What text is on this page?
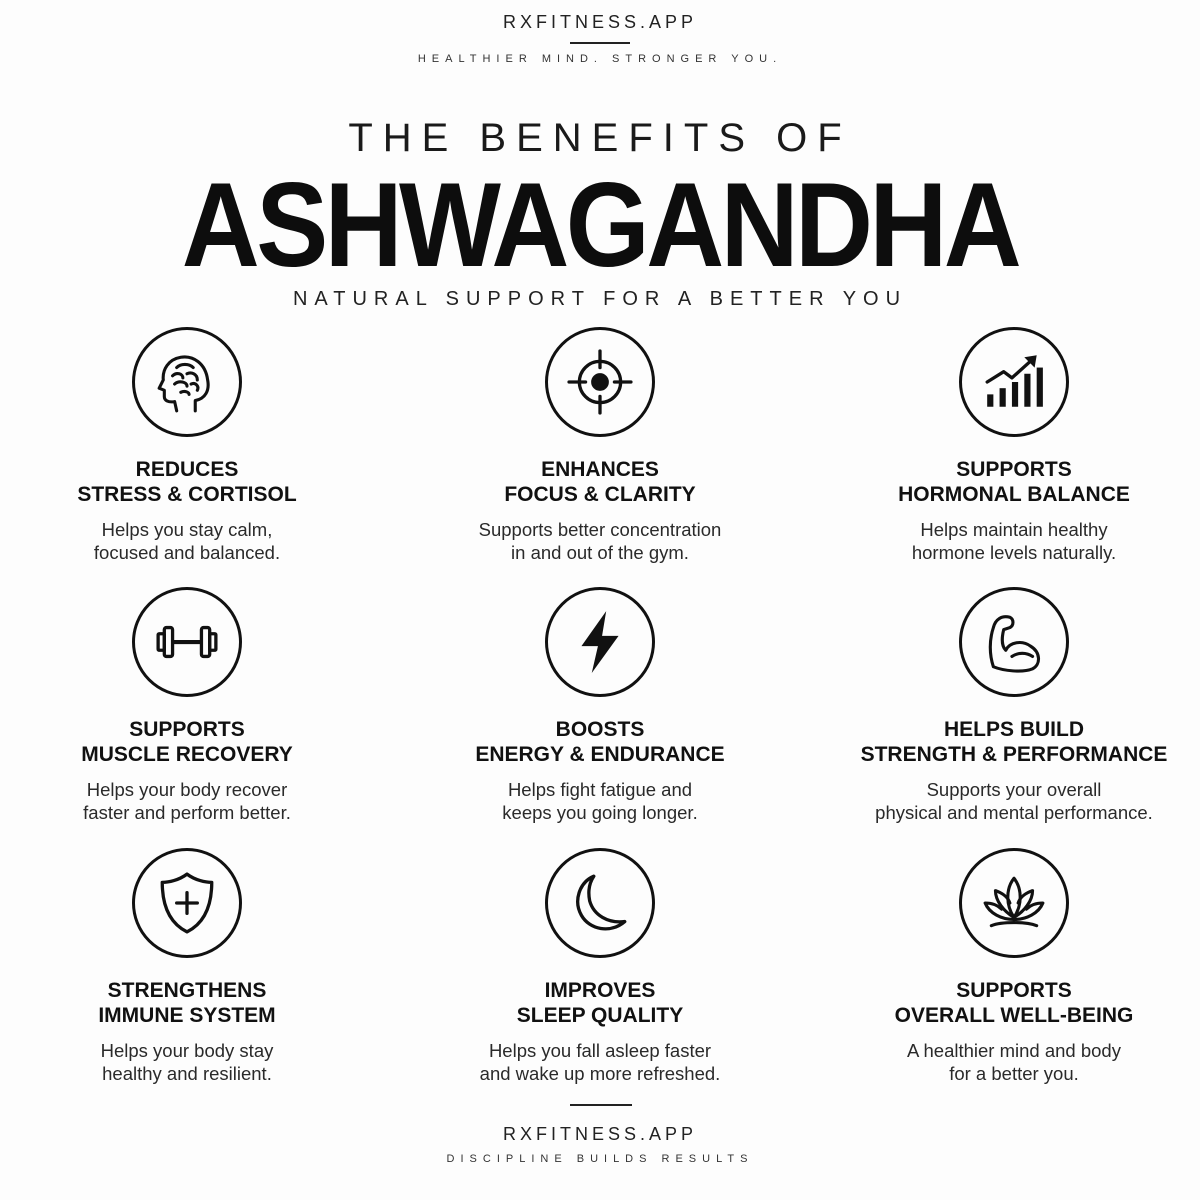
RXFITNESS.APP
HEALTHIER MIND. STRONGER YOU.
THE BENEFITS OF
ASHWAGANDHA
NATURAL SUPPORT FOR A BETTER YOU
REDUCES
STRESS & CORTISOL
Helps you stay calm,
focused and balanced.
ENHANCES
FOCUS & CLARITY
Supports better concentration
in and out of the gym.
SUPPORTS
HORMONAL BALANCE
Helps maintain healthy
hormone levels naturally.
SUPPORTS
MUSCLE RECOVERY
Helps your body recover
faster and perform better.
BOOSTS
ENERGY & ENDURANCE
Helps fight fatigue and
keeps you going longer.
HELPS BUILD
STRENGTH & PERFORMANCE
Supports your overall
physical and mental performance.
STRENGTHENS
IMMUNE SYSTEM
Helps your body stay
healthy and resilient.
IMPROVES
SLEEP QUALITY
Helps you fall asleep faster
and wake up more refreshed.
SUPPORTS
OVERALL WELL-BEING
A healthier mind and body
for a better you.
RXFITNESS.APP
DISCIPLINE BUILDS RESULTS
